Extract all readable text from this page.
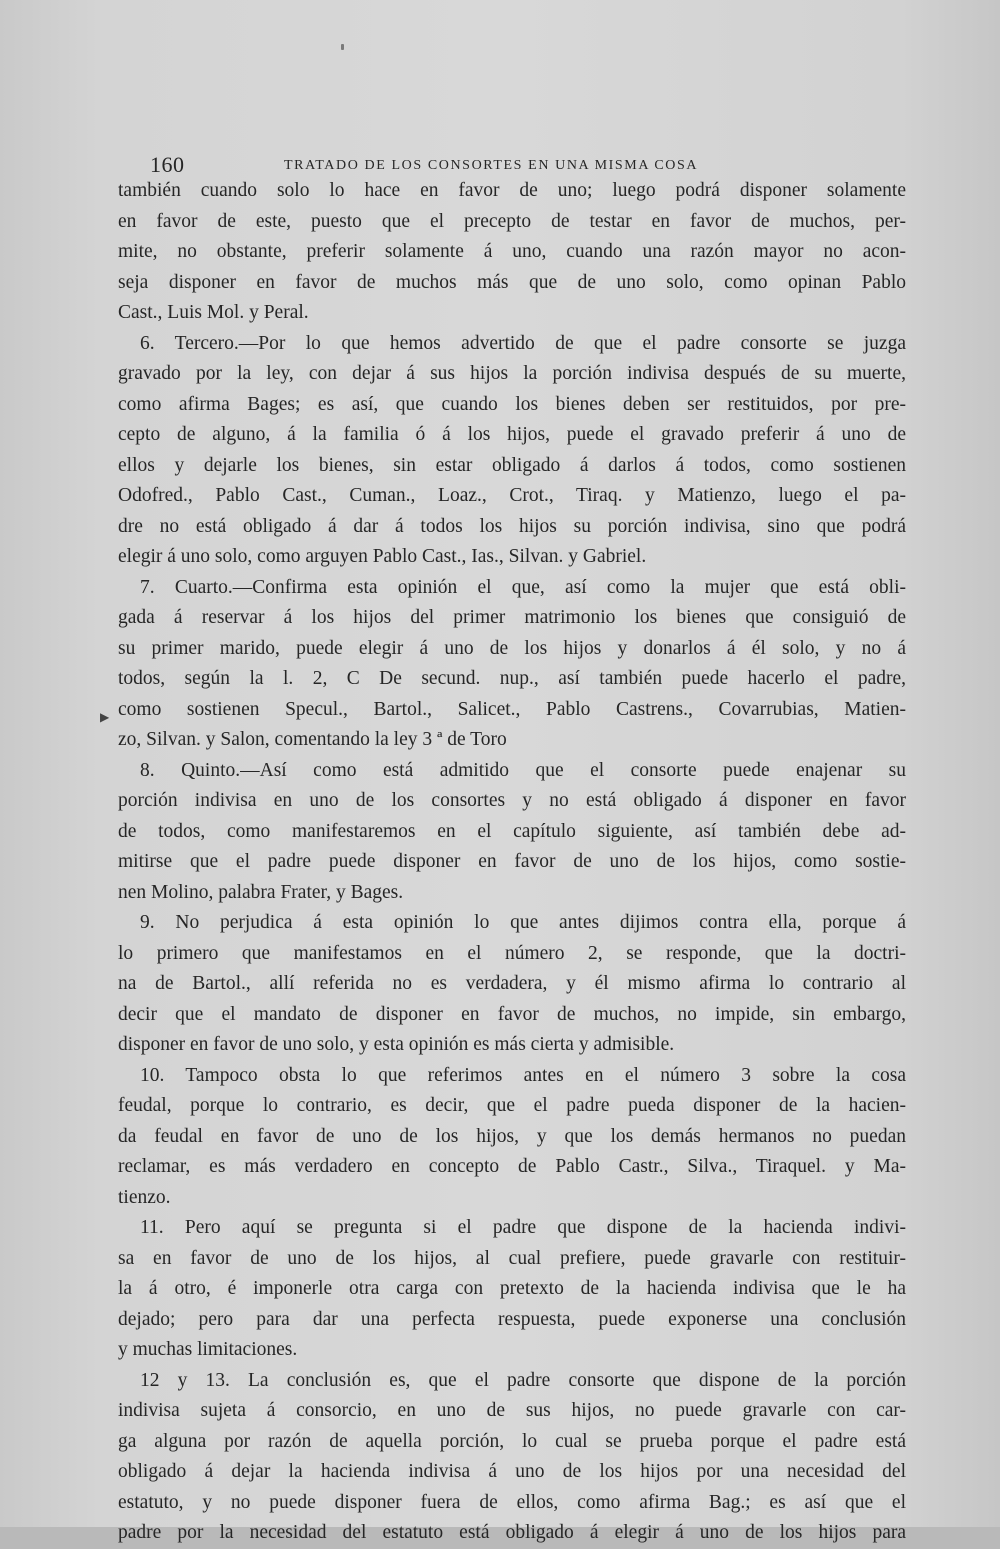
160	TRATADO DE LOS CONSORTES EN UNA MISMA COSA
▶
también cuando solo lo hace en favor de uno; luego podrá disponer solamente
en favor de este, puesto que el precepto de testar en favor de muchos, per-
mite, no obstante, preferir solamente á uno, cuando una razón mayor no acon-
seja disponer en favor de muchos más que de uno solo, como opinan Pablo
Cast., Luis Mol. y Peral.
6. Tercero.—Por lo que hemos advertido de que el padre consorte se juzga
gravado por la ley, con dejar á sus hijos la porción indivisa después de su muerte,
como afirma Bages; es así, que cuando los bienes deben ser restituidos, por pre-
cepto de alguno, á la familia ó á los hijos, puede el gravado preferir á uno de
ellos y dejarle los bienes, sin estar obligado á darlos á todos, como sostienen
Odofred., Pablo Cast., Cuman., Loaz., Crot., Tiraq. y Matienzo, luego el pa-
dre no está obligado á dar á todos los hijos su porción indivisa, sino que podrá
elegir á uno solo, como arguyen Pablo Cast., Ias., Silvan. y Gabriel.
7. Cuarto.—Confirma esta opinión el que, así como la mujer que está obli-
gada á reservar á los hijos del primer matrimonio los bienes que consiguió de
su primer marido, puede elegir á uno de los hijos y donarlos á él solo, y no á
todos, según la l. 2, C De secund. nup., así también puede hacerlo el padre,
como sostienen Specul., Bartol., Salicet., Pablo Castrens., Covarrubias, Matien-
zo, Silvan. y Salon, comentando la ley 3 ª de Toro
8. Quinto.—Así como está admitido que el consorte puede enajenar su
porción indivisa en uno de los consortes y no está obligado á disponer en favor
de todos, como manifestaremos en el capítulo siguiente, así también debe ad-
mitirse que el padre puede disponer en favor de uno de los hijos, como sostie-
nen Molino, palabra Frater, y Bages.
9. No perjudica á esta opinión lo que antes dijimos contra ella, porque á
lo primero que manifestamos en el número 2, se responde, que la doctri-
na de Bartol., allí referida no es verdadera, y él mismo afirma lo contrario al
decir que el mandato de disponer en favor de muchos, no impide, sin embargo,
disponer en favor de uno solo, y esta opinión es más cierta y admisible.
10. Tampoco obsta lo que referimos antes en el número 3 sobre la cosa
feudal, porque lo contrario, es decir, que el padre pueda disponer de la hacien-
da feudal en favor de uno de los hijos, y que los demás hermanos no puedan
reclamar, es más verdadero en concepto de Pablo Castr., Silva., Tiraquel. y Ma-
tienzo.
11. Pero aquí se pregunta si el padre que dispone de la hacienda indivi-
sa en favor de uno de los hijos, al cual prefiere, puede gravarle con restituir-
la á otro, é imponerle otra carga con pretexto de la hacienda indivisa que le ha
dejado; pero para dar una perfecta respuesta, puede exponerse una conclusión
y muchas limitaciones.
12 y 13. La conclusión es, que el padre consorte que dispone de la porción
indivisa sujeta á consorcio, en uno de sus hijos, no puede gravarle con car-
ga alguna por razón de aquella porción, lo cual se prueba porque el padre está
obligado á dejar la hacienda indivisa á uno de los hijos por una necesidad del
estatuto, y no puede disponer fuera de ellos, como afirma Bag.; es así que el
padre por la necesidad del estatuto está obligado á elegir á uno de los hijos para
